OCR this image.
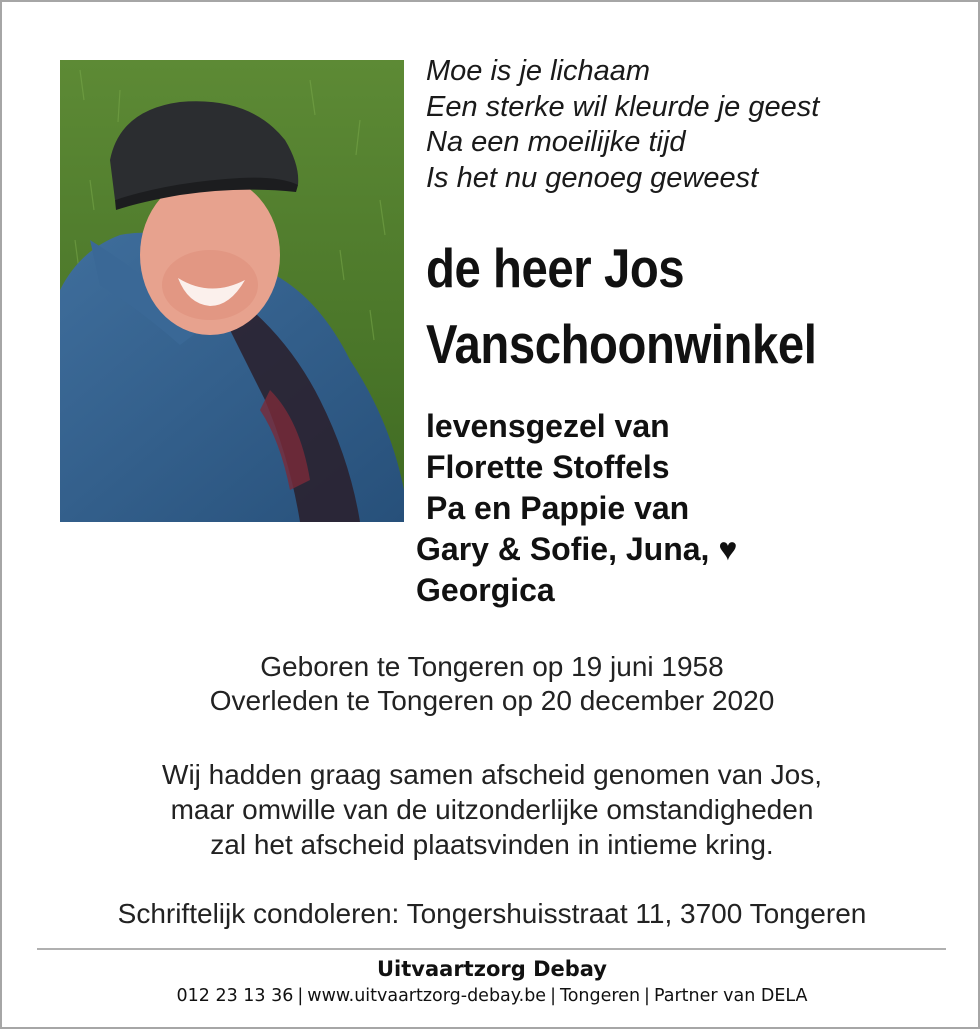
Moe is je lichaam
Een sterke wil kleurde je geest
Na een moeilijke tijd
Is het nu genoeg geweest
de heer Jos
Vanschoonwinkel
levensgezel van
Florette Stoffels
Pa en Pappie van
Gary & Sofie, Juna, ♥
Georgica
Geboren te Tongeren op 19 juni 1958
Overleden te Tongeren op 20 december 2020
Wij hadden graag samen afscheid genomen van Jos,
maar omwille van de uitzonderlijke omstandigheden
zal het afscheid plaatsvinden in intieme kring.
Schriftelijk condoleren: Tongershuisstraat 11, 3700 Tongeren
Uitvaartzorg Debay
012 23 13 36 | www.uitvaartzorg-debay.be | Tongeren | Partner van DELA
